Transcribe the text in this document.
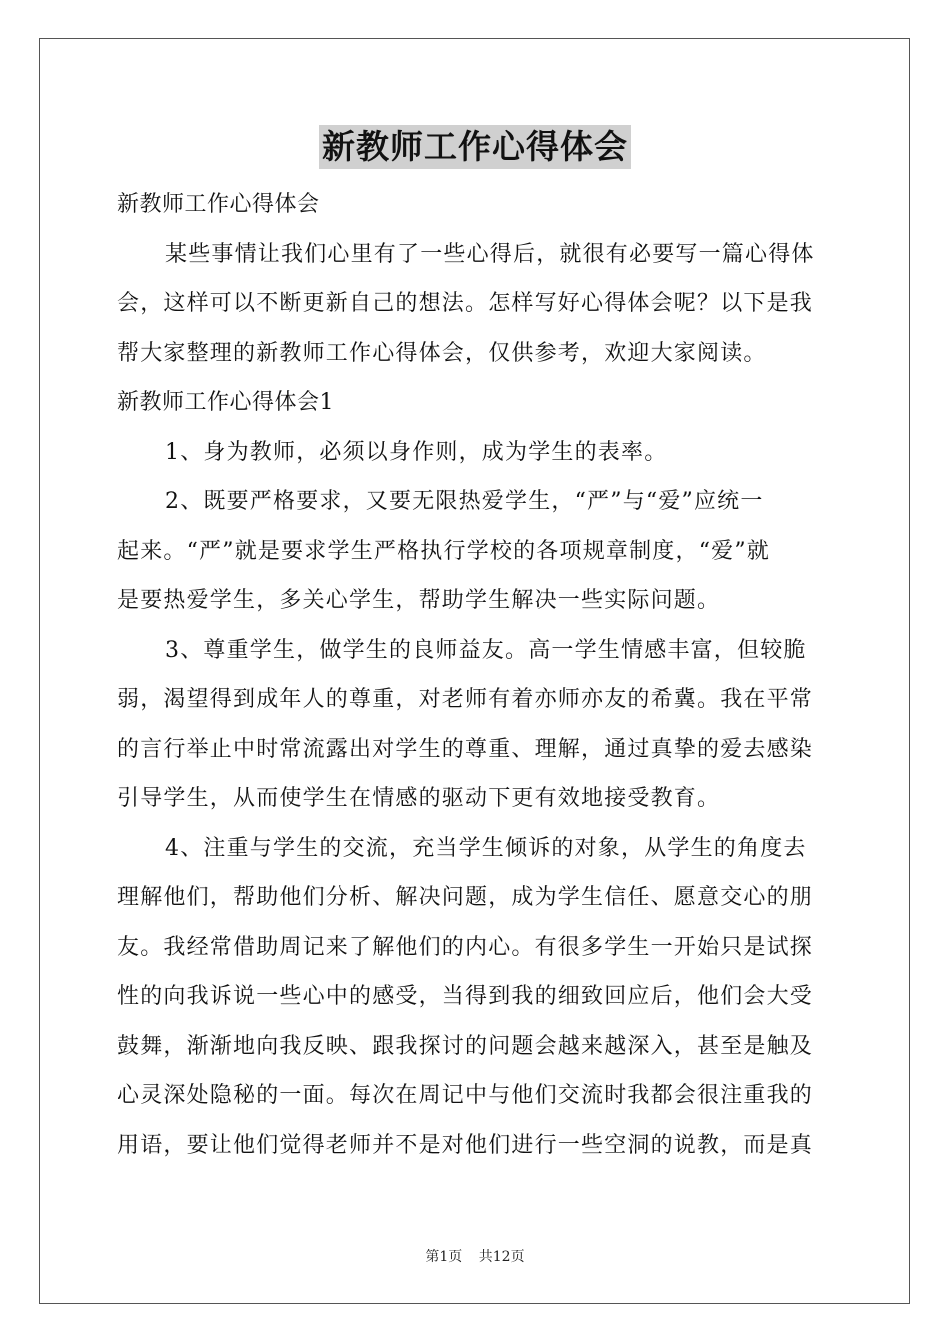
新教师工作心得体会
新教师工作心得体会
某些事情让我们心里有了一些心得后，就很有必要写一篇心得体
会，这样可以不断更新自己的想法。怎样写好心得体会呢？以下是我
帮大家整理的新教师工作心得体会，仅供参考，欢迎大家阅读。
新教师工作心得体会1
1、身为教师，必须以身作则，成为学生的表率。
2、既要严格要求，又要无限热爱学生，“严”与“爱”应统一
起来。“严”就是要求学生严格执行学校的各项规章制度，“爱”就
是要热爱学生，多关心学生，帮助学生解决一些实际问题。
3、尊重学生，做学生的良师益友。高一学生情感丰富，但较脆
弱，渴望得到成年人的尊重，对老师有着亦师亦友的希冀。我在平常
的言行举止中时常流露出对学生的尊重、理解，通过真挚的爱去感染
引导学生，从而使学生在情感的驱动下更有效地接受教育。
4、注重与学生的交流，充当学生倾诉的对象，从学生的角度去
理解他们，帮助他们分析、解决问题，成为学生信任、愿意交心的朋
友。我经常借助周记来了解他们的内心。有很多学生一开始只是试探
性的向我诉说一些心中的感受，当得到我的细致回应后，他们会大受
鼓舞，渐渐地向我反映、跟我探讨的问题会越来越深入，甚至是触及
心灵深处隐秘的一面。每次在周记中与他们交流时我都会很注重我的
用语，要让他们觉得老师并不是对他们进行一些空洞的说教，而是真
第1页 共12页
